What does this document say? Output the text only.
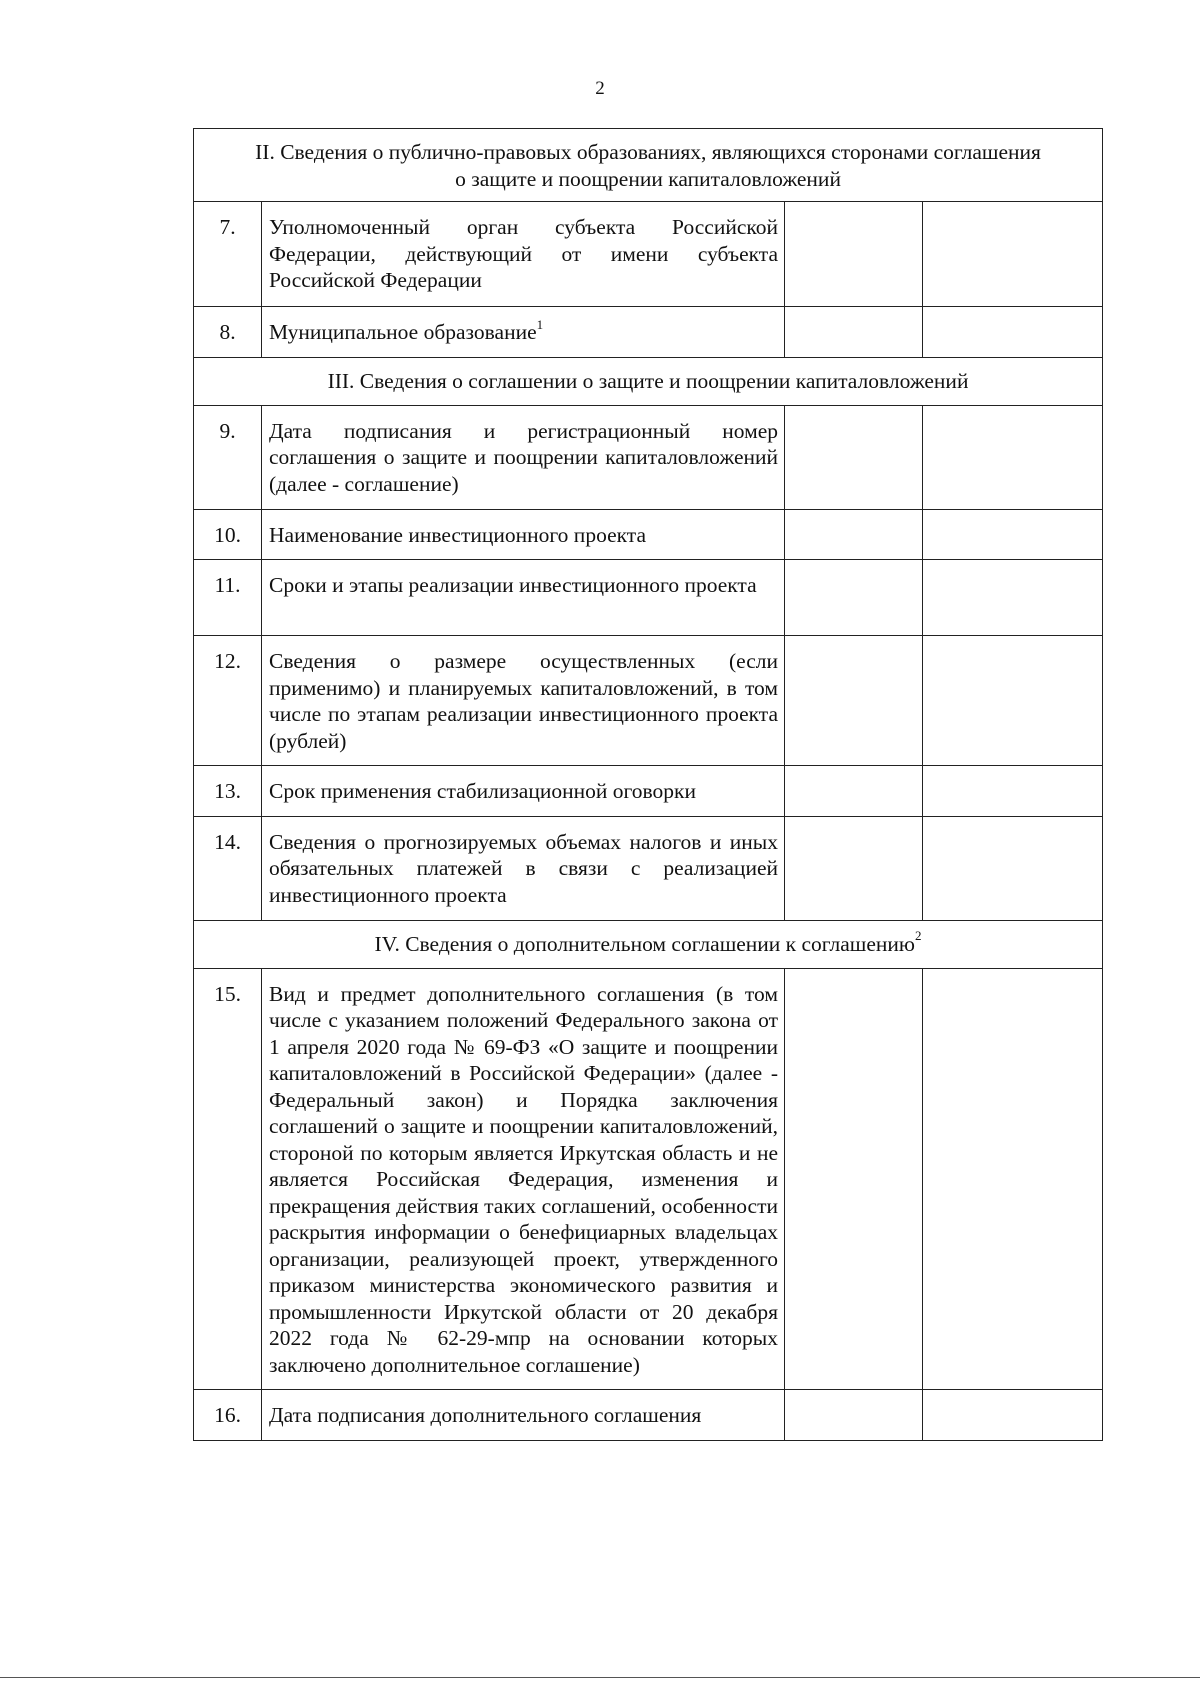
2
II. Сведения о публично-правовых образованиях, являющихся сторонами соглашения
о защите и поощрении капиталовложений			
7.	Уполномоченный орган субъекта Российской Федерации, действующий от имени субъекта Российской Федерации		
8.	Муниципальное образование$^1$		
III. Сведения о соглашении о защите и поощрении капиталовложений			
9.	Дата подписания и регистрационный номер соглашения о защите и поощрении капиталовложений (далее - соглашение)		
10.	Наименование инвестиционного проекта		
11.	Сроки и этапы реализации инвестиционного проекта		
12.	Сведения о размере осуществленных (если применимо) и планируемых капиталовложений, в том числе по этапам реализации инвестиционного проекта (рублей)		
13.	Срок применения стабилизационной оговорки		
14.	Сведения о прогнозируемых объемах налогов и иных обязательных платежей в связи с реализацией инвестиционного проекта		
IV. Сведения о дополнительном соглашении к соглашению$^2$
15.	Вид и предмет дополнительного соглашения (в том числе с указанием положений Федерального закона от 1 апреля 2020 года № 69-ФЗ «О защите и поощрении капиталовложений в Российской Федерации» (далее - Федеральный закон) и Порядка заключения соглашений о защите и поощрении капиталовложений, стороной по которым является Иркутская область и не является Российская Федерация, изменения и прекращения действия таких соглашений, особенности раскрытия информации о бенефициарных владельцах организации, реализующей проект, утвержденного приказом министерства экономического развития и промышленности Иркутской области от 20 декабря 2022 года № 62-29-мпр на основании которых заключено дополнительное соглашение)		
16.	Дата подписания дополнительного соглашения		
